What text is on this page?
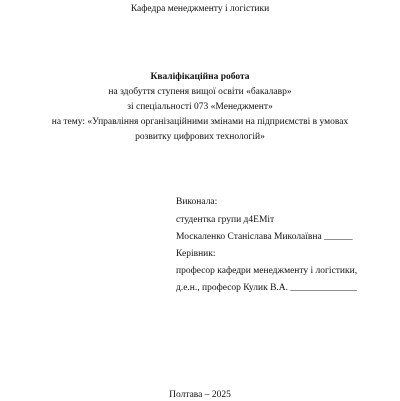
Кафедра менеджменту і логістики
Кваліфікаційна робота
на здобуття ступеня вищої освіти «бакалавр»
зі спеціальності 073 «Менеджмент»
на тему: «Управління організаційними змінами на підприємстві в умовах
розвитку цифрових технологій»
Виконала:
студентка групи д4ЕМіт
Москаленко Станіслава Миколаївна ______
Керівник:
професор кафедри менеджменту і логістики,
д.е.н., професор Кулик В.А. ______________
Полтава – 2025
